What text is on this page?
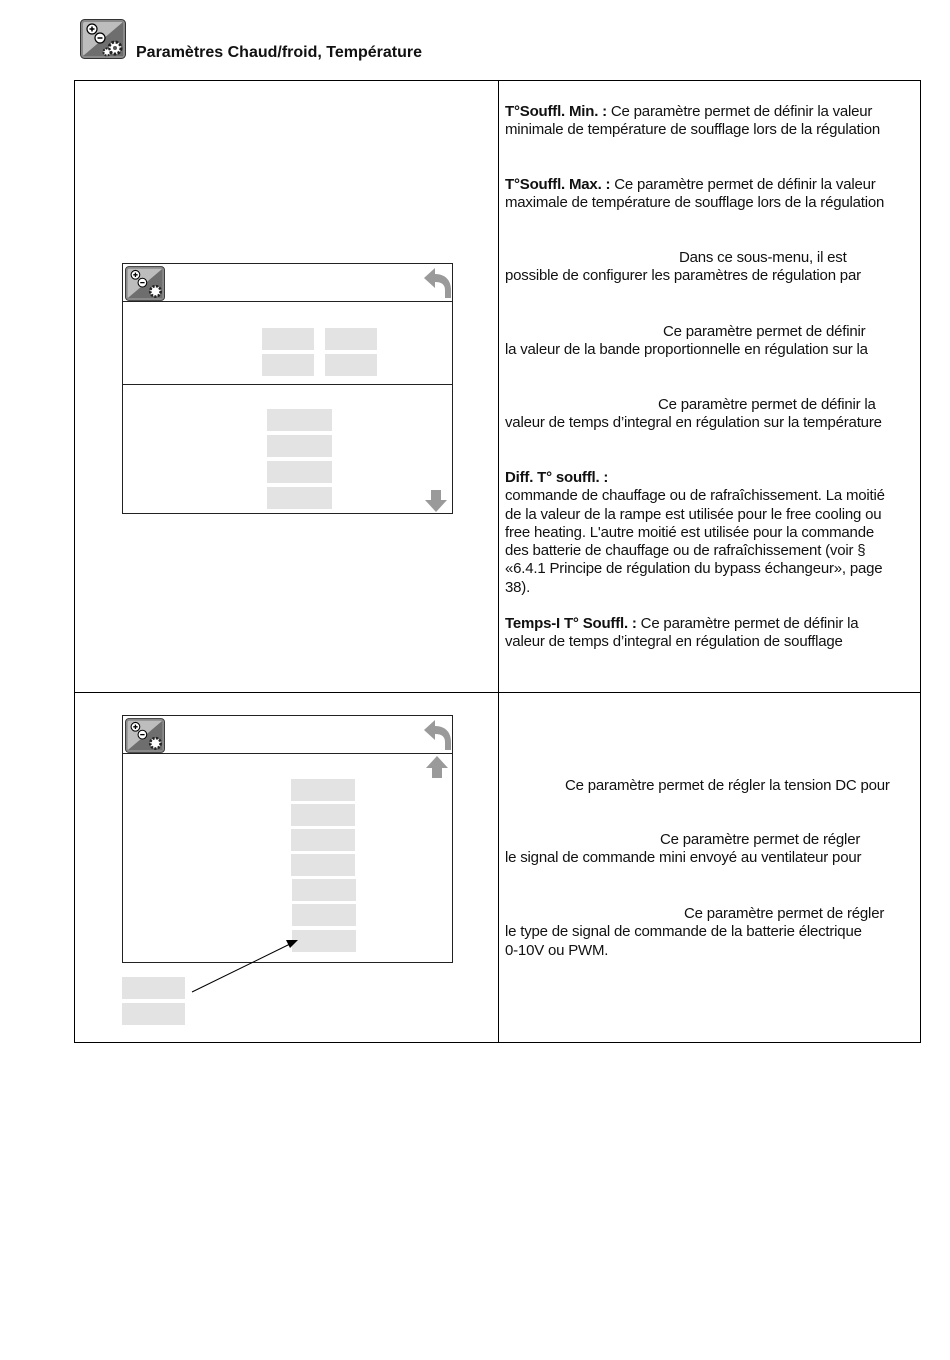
Paramètres Chaud/froid, Température
T°Souffl. Min. : Ce paramètre permet de définir la valeur
minimale de température de soufflage lors de la régulation
T°Souffl. Max. : Ce paramètre permet de définir la valeur
maximale de température de soufflage lors de la régulation
Dans ce sous-menu, il est
possible de configurer les paramètres de régulation par
Ce paramètre permet de définir
la valeur de la bande proportionnelle en régulation sur la
Ce paramètre permet de définir la
valeur de temps d’integral en régulation sur la température
Diff. T° souffl. :
commande de chauffage ou de rafraîchissement. La moitié
de la valeur de la rampe est utilisée pour le free cooling ou
free heating. L'autre moitié est utilisée pour la commande
des batterie de chauffage ou de rafraîchissement (voir §
«6.4.1 Principe de régulation du bypass échangeur», page
38).
Temps-I T° Souffl. : Ce paramètre permet de définir la
valeur de temps d’integral en régulation de soufflage
Ce paramètre permet de régler la tension DC pour
Ce paramètre permet de régler
le signal de commande mini envoyé au ventilateur pour
Ce paramètre permet de régler
le type de signal de commande de la batterie électrique
0-10V ou PWM.
